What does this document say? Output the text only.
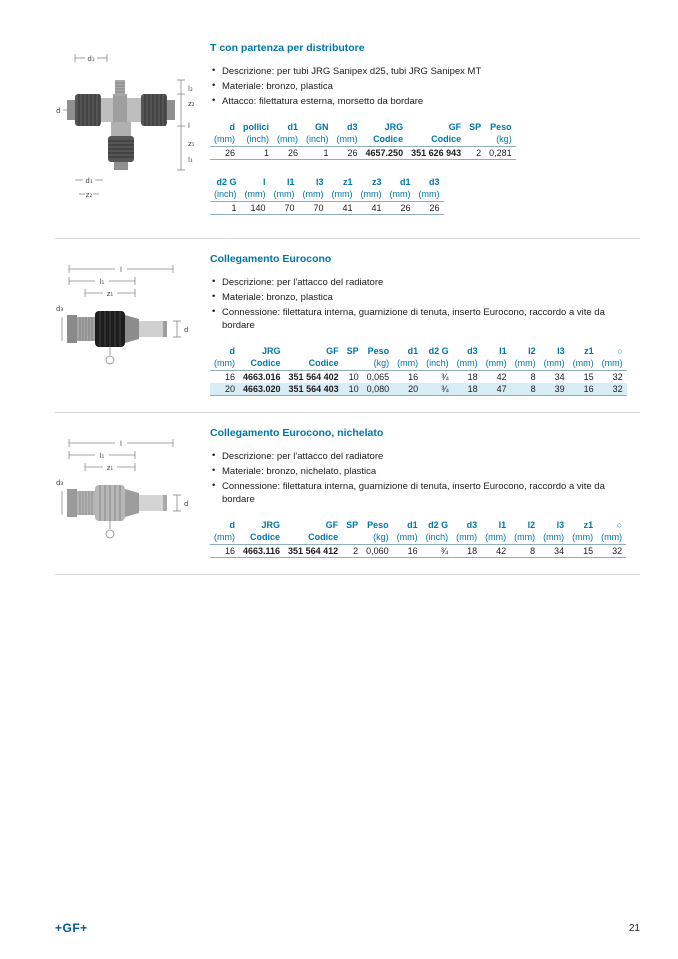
d₁
l₂
z₂
l
z₁
l₁
d
d₁
z₂
T con partenza per distributore
• Descrizione: per tubi JRG Sanipex d25, tubi JRG Sanipex MT
• Materiale: bronzo, plastica
• Attacco: filettatura esterna, morsetto da bordare
d	pollici	d1	GN	d3	JRG	GF	SP	Peso
(mm)	(inch)	(mm)	(inch)	(mm)	Codice	Codice		(kg)
26	1	26	1	26	4657.250	351 626 943	2	0,281
d2 G	l	l1	l3	z1	z3	d1	d3
(inch)	(mm)	(mm)	(mm)	(mm)	(mm)	(mm)	(mm)
1	140	70	70	41	41	26	26
l
l₁
z₁
d
d₃
Collegamento Eurocono
• Descrizione: per l'attacco del radiatore
• Materiale: bronzo, plastica
• Connessione: filettatura interna, guarnizione di tenuta, inserto Eurocono, raccordo a vite da bordare
d	JRG	GF	SP	Peso	d1	d2 G	d3	l1	l2	l3	z1	○
(mm)	Codice	Codice		(kg)	(mm)	(inch)	(mm)	(mm)	(mm)	(mm)	(mm)	(mm)
16	4663.016	351 564 402	10	0,065	16	¾	18	42	8	34	15	32
20	4663.020	351 564 403	10	0,080	20	¾	18	47	8	39	16	32
l
l₁
z₁
d
d₃
Collegamento Eurocono, nichelato
• Descrizione: per l'attacco del radiatore
• Materiale: bronzo, nichelato, plastica
• Connessione: filettatura interna, guarnizione di tenuta, inserto Eurocono, raccordo a vite da bordare
d	JRG	GF	SP	Peso	d1	d2 G	d3	l1	l2	l3	z1	○
(mm)	Codice	Codice		(kg)	(mm)	(inch)	(mm)	(mm)	(mm)	(mm)	(mm)	(mm)
16	4663.116	351 564 412	2	0,060	16	¾	18	42	8	34	15	32
+GF+	21
